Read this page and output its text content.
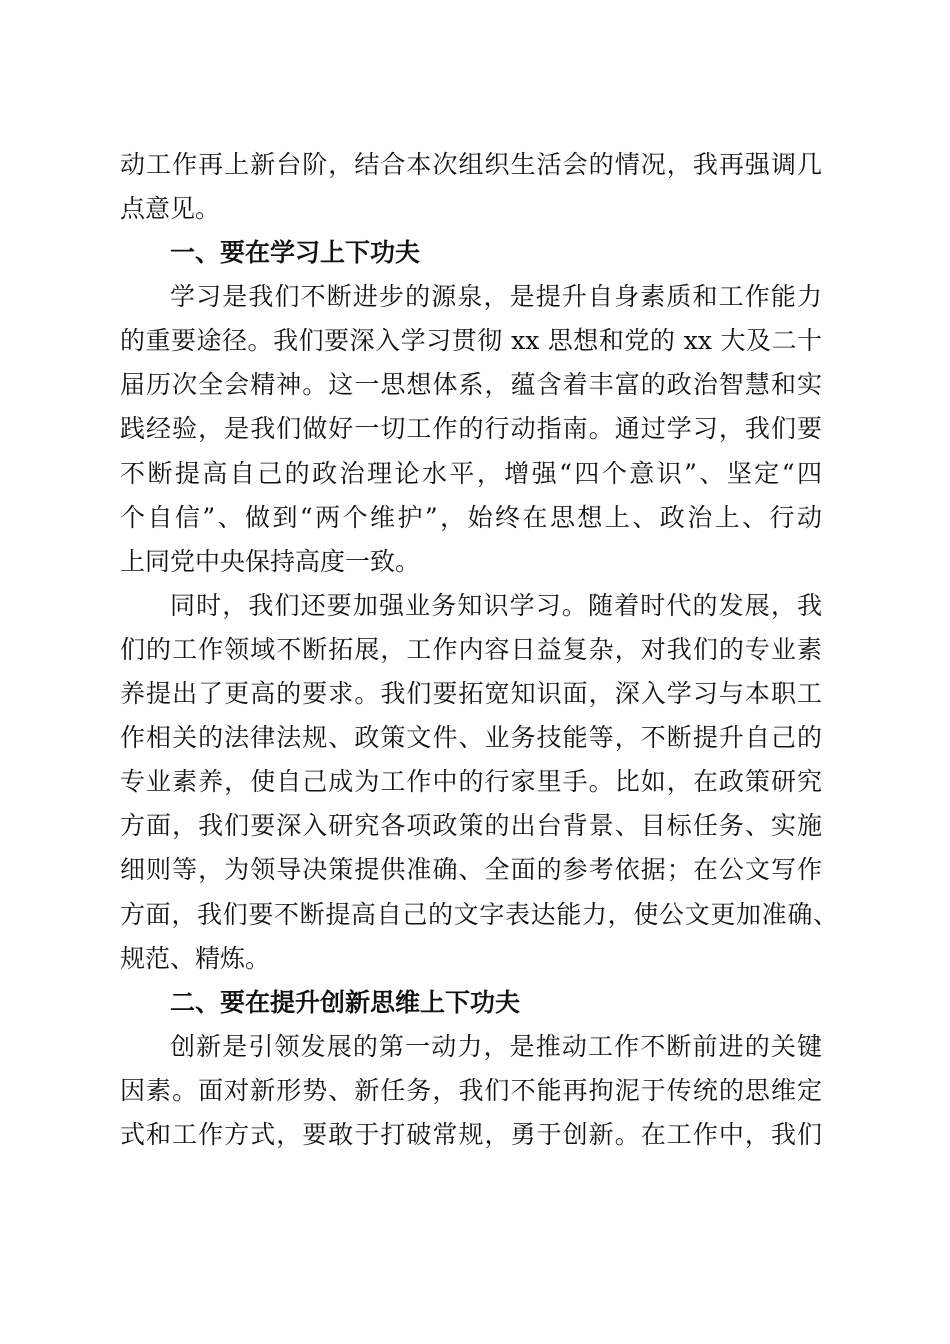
动工作再上新台阶，结合本次组织生活会的情况，我再强调几
点意见。
一、要在学习上下功夫
学习是我们不断进步的源泉，是提升自身素质和工作能力
的重要途径。我们要深入学习贯彻 xx 思想和党的 xx 大及二十
届历次全会精神。这一思想体系，蕴含着丰富的政治智慧和实
践经验，是我们做好一切工作的行动指南。通过学习，我们要
不断提高自己的政治理论水平，增强“四个意识”、坚定“四
个自信”、做到“两个维护”，始终在思想上、政治上、行动
上同党中央保持高度一致。
同时，我们还要加强业务知识学习。随着时代的发展，我
们的工作领域不断拓展，工作内容日益复杂，对我们的专业素
养提出了更高的要求。我们要拓宽知识面，深入学习与本职工
作相关的法律法规、政策文件、业务技能等，不断提升自己的
专业素养，使自己成为工作中的行家里手。比如，在政策研究
方面，我们要深入研究各项政策的出台背景、目标任务、实施
细则等，为领导决策提供准确、全面的参考依据；在公文写作
方面，我们要不断提高自己的文字表达能力，使公文更加准确、
规范、精炼。
二、要在提升创新思维上下功夫
创新是引领发展的第一动力，是推动工作不断前进的关键
因素。面对新形势、新任务，我们不能再拘泥于传统的思维定
式和工作方式，要敢于打破常规，勇于创新。在工作中，我们
